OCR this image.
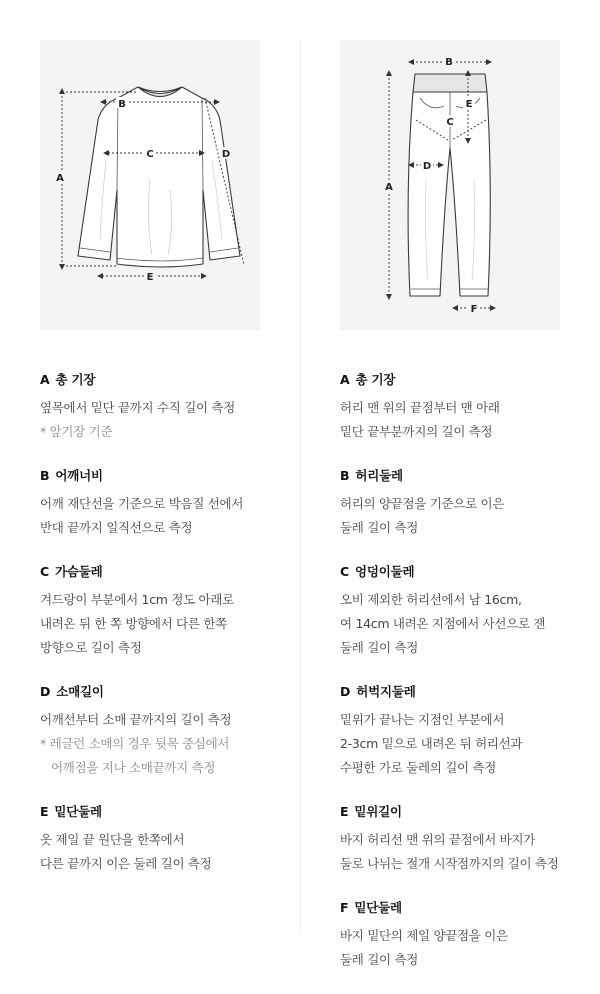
A
B
C	D
E
B
A
C
D
E
F
A 총 기장
옆목에서 밑단 끝까지 수직 길이 측정
* 앞기장 기준
B 어깨너비
어깨 재단선을 기준으로 박음질 선에서
반대 끝까지 일직선으로 측정
C 가슴둘레
겨드랑이 부분에서 1cm 정도 아래로
내려온 뒤 한 쪽 방향에서 다른 한쪽
방향으로 길이 측정
D 소매길이
어깨선부터 소매 끝까지의 길이 측정
* 레글런 소매의 경우 뒷목 중심에서
어깨점을 지나 소매끝까지 측정
E 밑단둘레
옷 제일 끝 원단을 한쪽에서
다른 끝까지 이은 둘레 길이 측정
A 총 기장
허리 맨 위의 끝점부터 맨 아래
밑단 끝부분까지의 길이 측정
B 허리둘레
허리의 양끝점을 기준으로 이은
둘레 길이 측정
C 엉덩이둘레
오비 제외한 허리선에서 남 16cm,
여 14cm 내려온 지점에서 사선으로 잰
둘레 길이 측정
D 허벅지둘레
밑위가 끝나는 지점인 부분에서
2-3cm 밑으로 내려온 뒤 허리선과
수평한 가로 둘레의 길이 측정
E 밑위길이
바지 허리선 맨 위의 끝점에서 바지가
둘로 나뉘는 절개 시작점까지의 길이 측정
F 밑단둘레
바지 밑단의 제일 양끝점을 이은
둘레 길이 측정
